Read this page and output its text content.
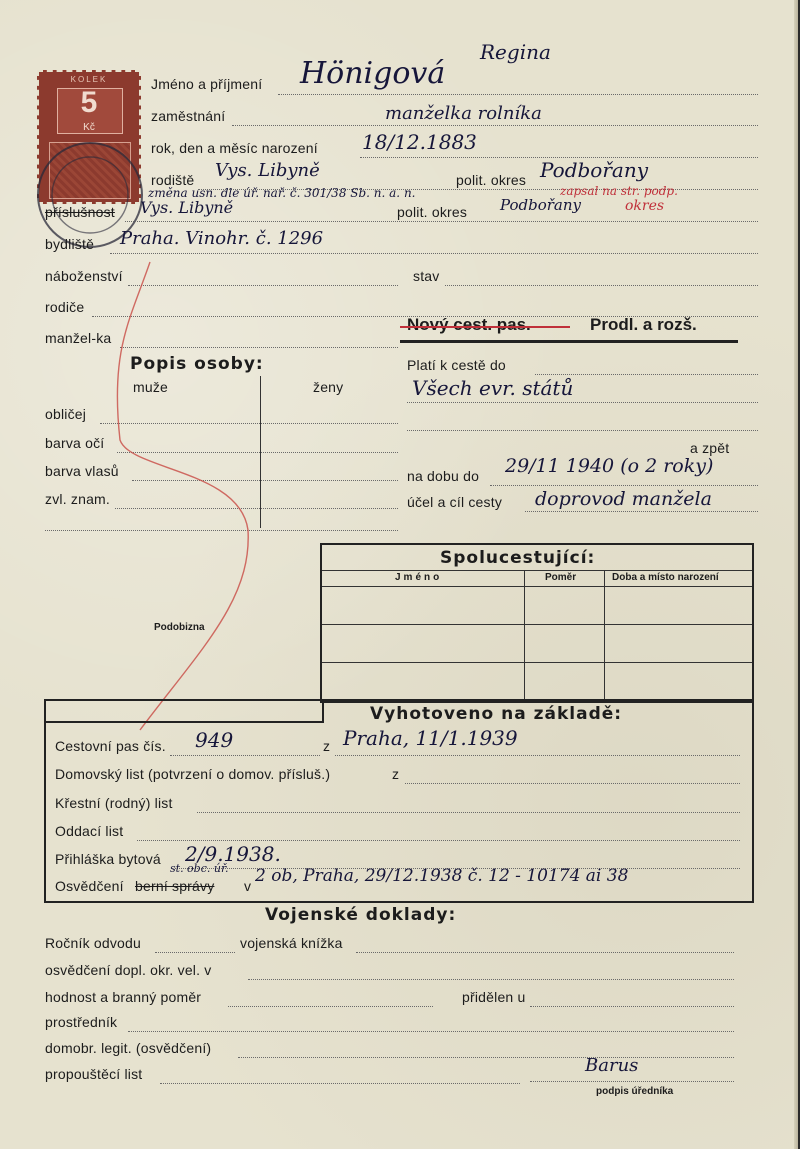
KOLEK
5
Kč
Jméno a příjmení Hönigová
Regina
zaměstnání	manželka rolníka
rok, den a měsíc narození 18/12.1883
rodiště Vys. Libyně	polit. okres Podbořany
změna usn. dle úř. nař. č. 301/38 Sb. n. a. n.	zapsal na str. podp.
příslušnost Vys. Libyně	polit. okres Podbořany	okres
bydliště Praha. Vinohr. č. 1296
náboženství	stav
rodiče
manžel-ka
Nový cest. pas.	Prodl. a rozš.
Platí k cestě do
Všech evr. států
a zpět
na dobu do 29/11 1940 (o 2 roky)
účel a cíl cesty doprovod manžela
Popis osoby:
muže	ženy
obličej
barva očí
barva vlasů
zvl. znam.
Podobizna
Spolucestující:
Jméno	Poměr	Doba a místo narození
Vyhotoveno na základě:
Cestovní pas čís. 949	z Praha, 11/1.1939
Domovský list (potvrzení o domov. přísluš.)	z
Křestní (rodný) list
Oddací list
Přihláška bytová 2/9.1938.
Osvědčení berní správy v
st. obc. úř. 2 ob, Praha, 29/12.1938 č. 12 - 10174 ai 38
Vojenské doklady:
Ročník odvodu	vojenská knížka
osvědčení dopl. okr. vel. v
hodnost a branný poměr	přidělen u
prostředník
domobr. legit. (osvědčení)
propouštěcí list	Barus
podpis úředníka
